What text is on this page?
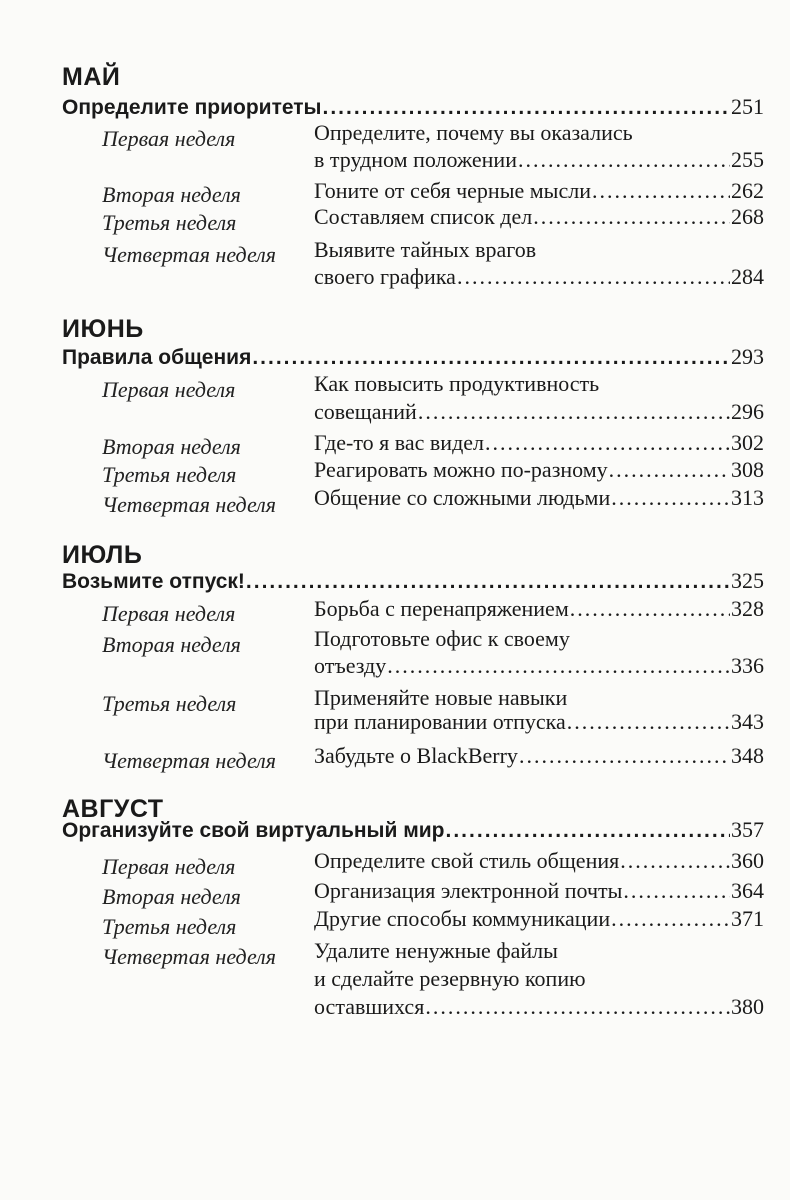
МАЙ
Определите приоритеты .....	251
Первая неделя	Определите, почему вы оказались
в трудном положении .....	255
Вторая неделя	Гоните от себя черные мысли .....	262
Третья неделя	Составляем список дел .....	268
Четвертая неделя Выявите тайных врагов
своего графика .....	284
ИЮНЬ
Правила общения .....	293
Первая неделя	Как повысить продуктивность
совещаний .....	296
Вторая неделя	Где-то я вас видел .....	302
Третья неделя	Реагировать можно по-разному .....	308
Четвертая неделя Общение со сложными людьми .....	313
ИЮЛЬ
Возьмите отпуск! .....	325
Первая неделя	Борьба с перенапряжением .....	328
Вторая неделя	Подготовьте офис к своему
отъезду .....	336
Третья неделя	Применяйте новые навыки
при планировании отпуска .....	343
Четвертая неделя Забудьте о BlackBerry .....	348
АВГУСТ
Организуйте свой виртуальный мир .....	357
Первая неделя	Определите свой стиль общения .....	360
Вторая неделя	Организация электронной почты .....	364
Третья неделя	Другие способы коммуникации .....	371
Четвертая неделя Удалите ненужные файлы
и сделайте резервную копию
оставшихся .....	380
